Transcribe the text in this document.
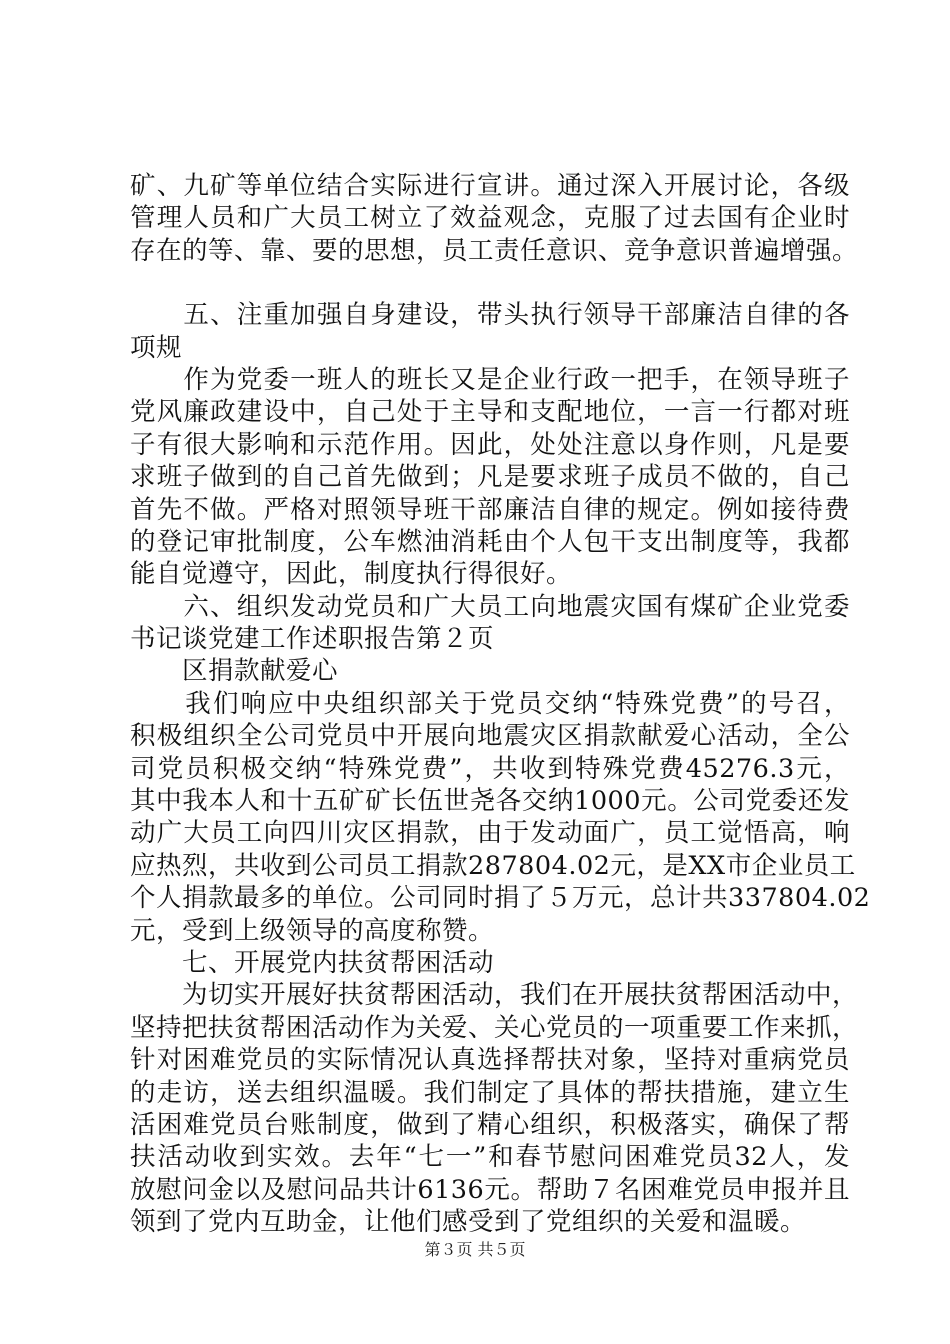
矿、九矿等单位结合实际进行宣讲。通过深入开展讨论，各级
管理人员和广大员工树立了效益观念，克服了过去国有企业时
存在的等、靠、要的思想，员工责任意识、竞争意识普遍增强。
　　五、注重加强自身建设，带头执行领导干部廉洁自律的各
项规
　　作为党委一班人的班长又是企业行政一把手，在领导班子
党风廉政建设中，自己处于主导和支配地位，一言一行都对班
子有很大影响和示范作用。因此，处处注意以身作则，凡是要
求班子做到的自己首先做到；凡是要求班子成员不做的，自己
首先不做。严格对照领导班干部廉洁自律的规定。例如接待费
的登记审批制度，公车燃油消耗由个人包干支出制度等，我都
能自觉遵守，因此，制度执行得很好。
　　六、组织发动党员和广大员工向地震灾国有煤矿企业党委
书记谈党建工作述职报告第２页
　　区捐款献爱心
　　我们响应中央组织部关于党员交纳“特殊党费”的号召，
积极组织全公司党员中开展向地震灾区捐款献爱心活动，全公
司党员积极交纳“特殊党费”，共收到特殊党费45276.3元，
其中我本人和十五矿矿长伍世尧各交纳1000元。公司党委还发
动广大员工向四川灾区捐款，由于发动面广，员工觉悟高，响
应热烈，共收到公司员工捐款287804.02元，是XX市企业员工
个人捐款最多的单位。公司同时捐了５万元，总计共337804.02
元，受到上级领导的高度称赞。
　　七、开展党内扶贫帮困活动
　　为切实开展好扶贫帮困活动，我们在开展扶贫帮困活动中，
坚持把扶贫帮困活动作为关爱、关心党员的一项重要工作来抓，
针对困难党员的实际情况认真选择帮扶对象，坚持对重病党员
的走访，送去组织温暖。我们制定了具体的帮扶措施，建立生
活困难党员台账制度，做到了精心组织，积极落实，确保了帮
扶活动收到实效。去年“七一”和春节慰问困难党员32人，发
放慰问金以及慰问品共计6136元。帮助７名困难党员申报并且
领到了党内互助金，让他们感受到了党组织的关爱和温暖。
第３页 共５页
